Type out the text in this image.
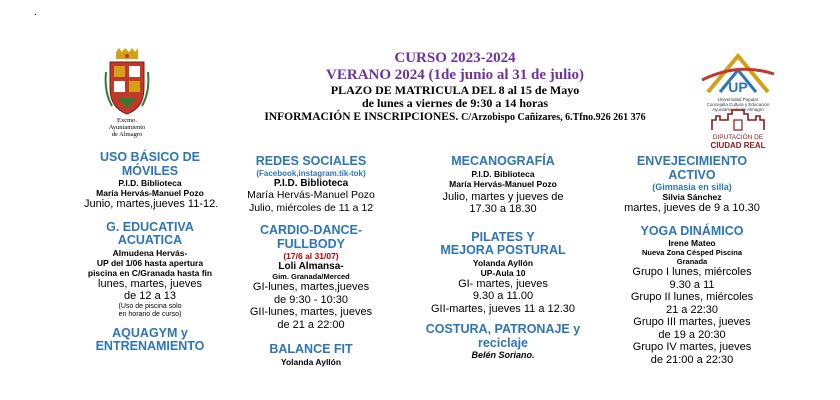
.
Excmo.
Ayuntamiento
de Almagro
CURSO 2023-2024
VERANO 2024 (1de junio al 31 de julio)
PLAZO DE MATRICULA DEL 8 al 15 de Mayo
de lunes a viernes de 9:30 a 14 horas
INFORMACIÓN E INSCRIPCIONES. C/Arzobispo Cañizares, 6.Tfno.926 261 376
UP
Universidad Popular
Concejalía Cultura y Educación
Ayuntamiento de Almagro
DIPUTACIÓN DE
CIUDAD REAL
USO BÁSICO DE
MÓVILES
P.I.D. Biblioteca
María Hervás-Manuel Pozo
Junio, martes,jueves 11-12.
G. EDUCATIVA
ACUATICA
Almudena Hervás-
UP del 1/06 hasta apertura
piscina en C/Granada hasta fin
lunes, martes, jueves
de 12 a 13
(Uso de piscina solo
en horario de curso)
AQUAGYM y
ENTRENAMIENTO
REDES SOCIALES
(Facebook,instagram.tik-tok)
P.I.D. Biblioteca
María Hervás-Manuel Pozo
Julio, miércoles de 11 a 12
CARDIO-DANCE-
FULLBODY
(17/6 al 31/07)
Loli Almansa-
Gim. Granada/Merced
GI-lunes, martes,jueves
de 9:30 - 10:30
GII-lunes, martes, jueves
de 21 a 22:00
BALANCE FIT
Yolanda Ayllón
MECANOGRAFÍA
P.I.D. Biblioteca
María Hervás-Manuel Pozo
Julio, martes y jueves de
17.30 a 18.30
PILATES Y
MEJORA POSTURAL
Yolanda Ayllón
UP-Aula 10
GI- martes, jueves
9.30 a 11.00
GII-martes, jueves 11 a 12.30
COSTURA, PATRONAJE y
reciclaje
Belén Soriano.
ENVEJECIMIENTO
ACTIVO
(Gimnasia en silla)
Silvia Sánchez
martes, jueves de 9 a 10.30
YOGA DINÁMICO
Irene Mateo
Nueva Zona Césped Piscina
Granada
Grupo I lunes, miércoles
9.30 a 11
Grupo II lunes, miércoles
21 a 22:30
Grupo III martes, jueves
de 19 a 20:30
Grupo IV martes, jueves
de 21:00 a 22:30
